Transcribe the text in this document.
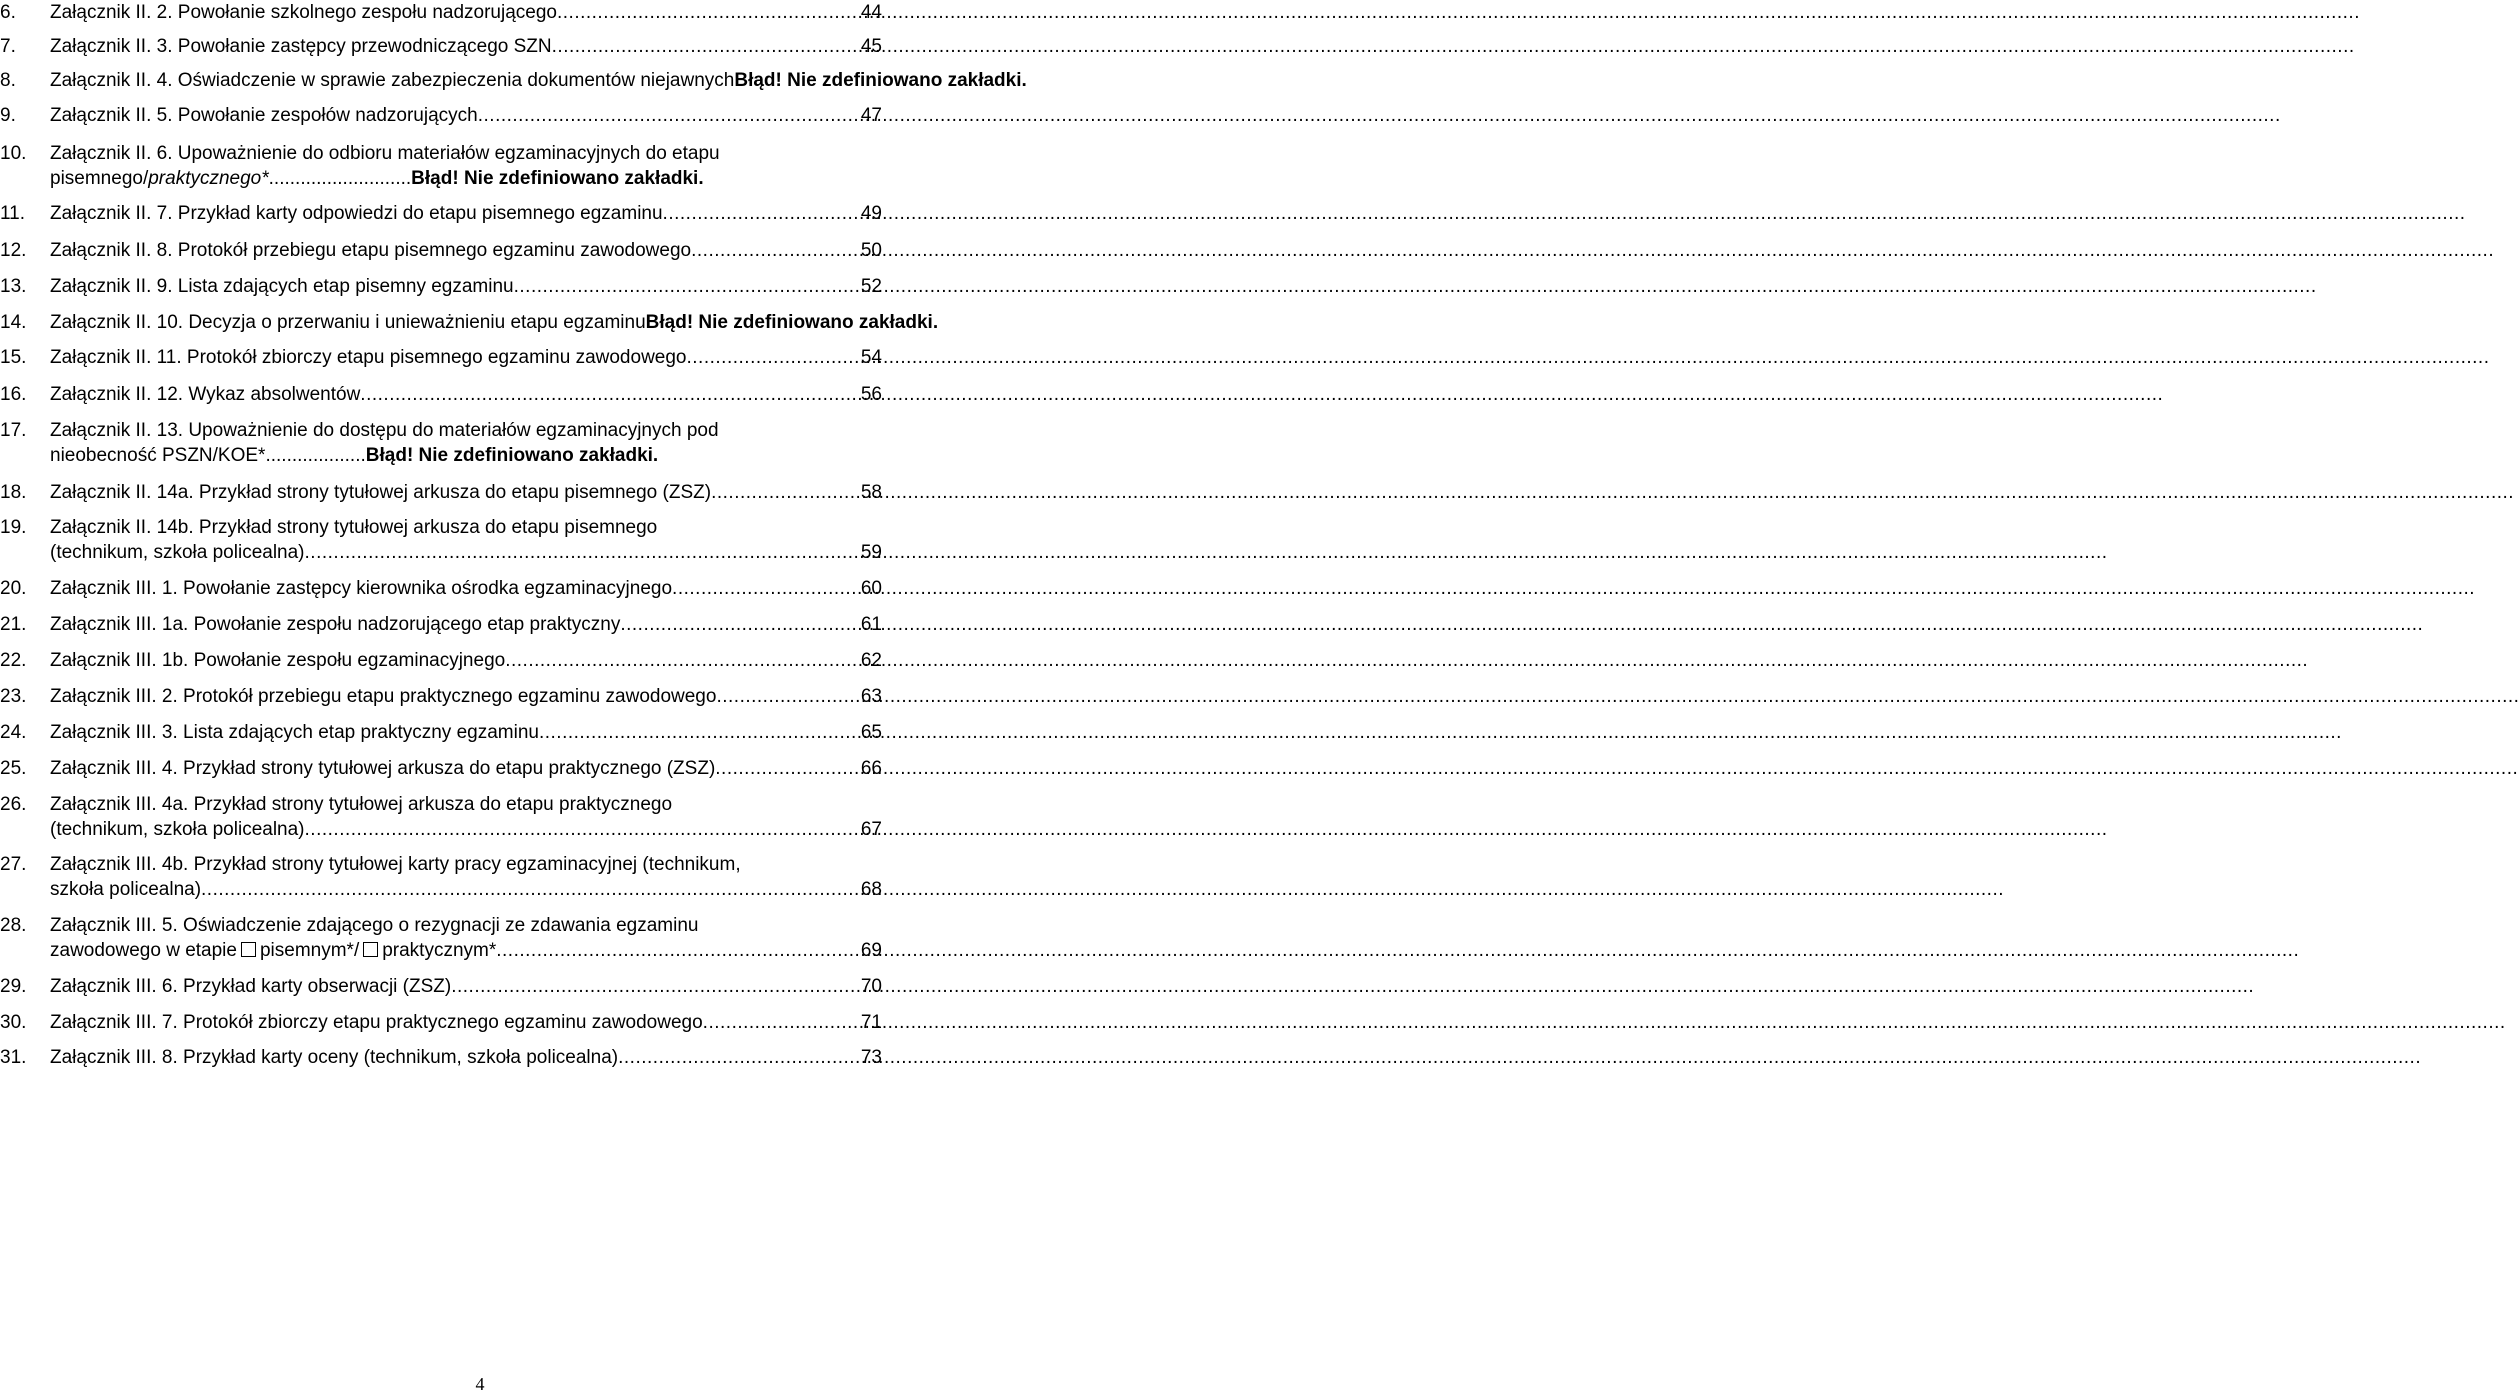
6. Załącznik II. 2. Powołanie szkolnego zespołu nadzorującego .....	44
7. Załącznik II. 3. Powołanie zastępcy przewodniczącego SZN .....	45
8. Załącznik II. 4. Oświadczenie w sprawie zabezpieczenia dokumentów niejawnychBłąd! Nie zdefiniowano zakładki.
9. Załącznik II. 5. Powołanie zespołów nadzorujących .....	47
10. Załącznik II. 6. Upoważnienie do odbioru materiałów egzaminacyjnych do etapu
pisemnego/praktycznego* ........................... Błąd! Nie zdefiniowano zakładki.
11. Załącznik II. 7. Przykład karty odpowiedzi do etapu pisemnego egzaminu .....	49
12. Załącznik II. 8. Protokół przebiegu etapu pisemnego egzaminu zawodowego .....	50
13. Załącznik II. 9. Lista zdających etap pisemny egzaminu .....	52
14. Załącznik II. 10. Decyzja o przerwaniu i unieważnieniu etapu egzaminuBłąd! Nie zdefiniowano zakładki.
15. Załącznik II. 11. Protokół zbiorczy etapu pisemnego egzaminu zawodowego .....	54
16. Załącznik II. 12. Wykaz absolwentów .....	56
17. Załącznik II. 13. Upoważnienie do dostępu do materiałów egzaminacyjnych pod
nieobecność PSZN/KOE* ................... Błąd! Nie zdefiniowano zakładki.
18. Załącznik II. 14a. Przykład strony tytułowej arkusza do etapu pisemnego (ZSZ) .....	58
19. Załącznik II. 14b. Przykład strony tytułowej arkusza do etapu pisemnego
(technikum, szkoła policealna) .....	59
20. Załącznik III. 1. Powołanie zastępcy kierownika ośrodka egzaminacyjnego .....	60
21. Załącznik III. 1a. Powołanie zespołu nadzorującego etap praktyczny .....	61
22. Załącznik III. 1b. Powołanie zespołu egzaminacyjnego .....	62
23. Załącznik III. 2. Protokół przebiegu etapu praktycznego egzaminu zawodowego .....	63
24. Załącznik III. 3. Lista zdających etap praktyczny egzaminu .....	65
25. Załącznik III. 4. Przykład strony tytułowej arkusza do etapu praktycznego (ZSZ) .....	66
26. Załącznik III. 4a. Przykład strony tytułowej arkusza do etapu praktycznego
(technikum, szkoła policealna) .....	67
27. Załącznik III. 4b. Przykład strony tytułowej karty pracy egzaminacyjnej (technikum,
szkoła policealna) .....	68
28. Załącznik III. 5. Oświadczenie zdającego o rezygnacji ze zdawania egzaminu
zawodowego w etapie pisemnym*/ praktycznym* .....	69
29. Załącznik III. 6. Przykład karty obserwacji (ZSZ) .....	70
30. Załącznik III. 7. Protokół zbiorczy etapu praktycznego egzaminu zawodowego .....	71
31. Załącznik III. 8. Przykład karty oceny (technikum, szkoła policealna) .....	73
4
